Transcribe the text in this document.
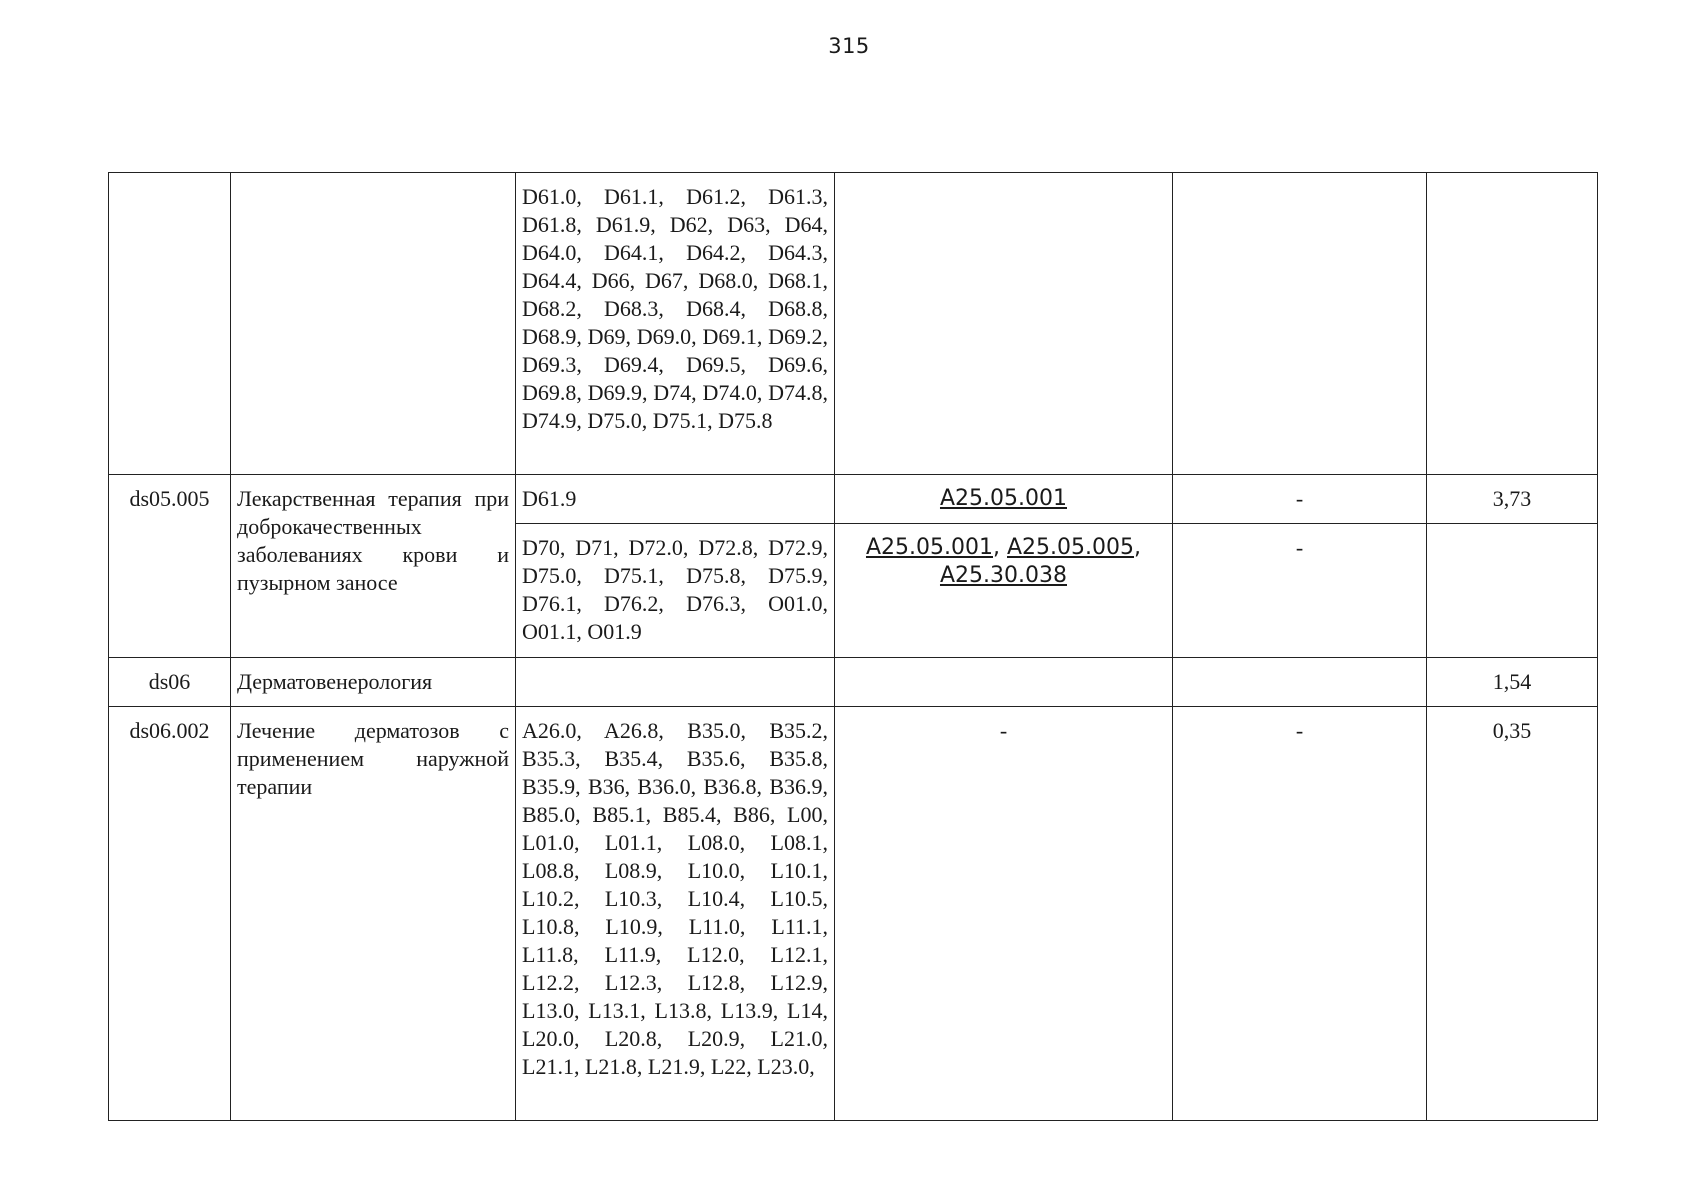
315
		D61.0, D61.1, D61.2, D61.3, D61.8, D61.9, D62, D63, D64, D64.0, D64.1, D64.2, D64.3, D64.4, D66, D67, D68.0, D68.1, D68.2, D68.3, D68.4, D68.8, D68.9, D69, D69.0, D69.1, D69.2, D69.3, D69.4, D69.5, D69.6, D69.8, D69.9, D74, D74.0, D74.8, D74.9, D75.0, D75.1, D75.8			
ds05.005	Лекарственная терапия при доброкачественных заболеваниях крови и пузырном заносе	D61.9	A25.05.001	-	3,73
		D70, D71, D72.0, D72.8, D72.9, D75.0, D75.1, D75.8, D75.9, D76.1, D76.2, D76.3, O01.0, O01.1, O01.9	A25.05.001, A25.05.005, A25.30.038	-	
ds06	Дерматовенерология				1,54
ds06.002	Лечение дерматозов с применением наружной терапии	A26.0, A26.8, B35.0, B35.2, B35.3, B35.4, B35.6, B35.8, B35.9, B36, B36.0, B36.8, B36.9, B85.0, B85.1, B85.4, B86, L00, L01.0, L01.1, L08.0, L08.1, L08.8, L08.9, L10.0, L10.1, L10.2, L10.3, L10.4, L10.5, L10.8, L10.9, L11.0, L11.1, L11.8, L11.9, L12.0, L12.1, L12.2, L12.3, L12.8, L12.9, L13.0, L13.1, L13.8, L13.9, L14, L20.0, L20.8, L20.9, L21.0, L21.1, L21.8, L21.9, L22, L23.0,	-	-	0,35
